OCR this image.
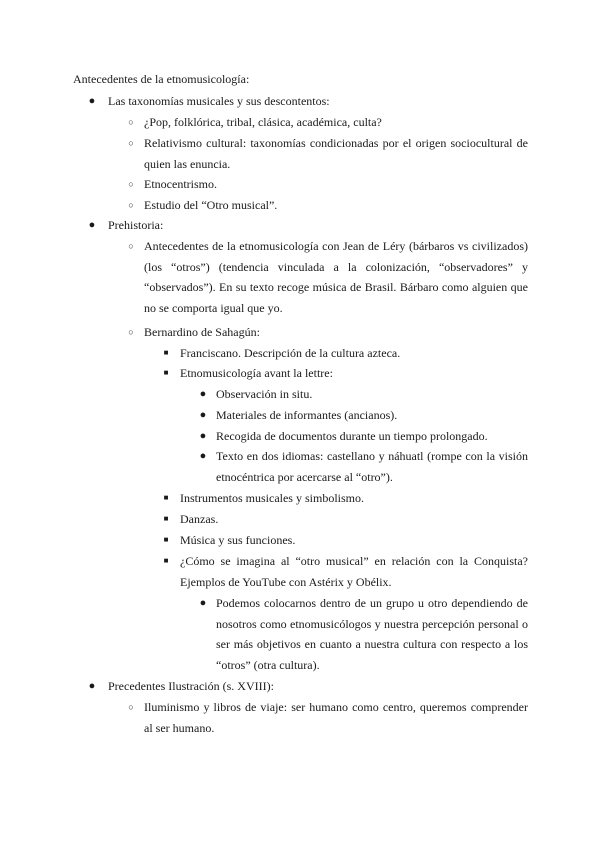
Antecedentes de la etnomusicología:
● Las taxonomías musicales y sus descontentos:
○ ¿Pop, folklórica, tribal, clásica, académica, culta?
○ Relativismo cultural: taxonomías condicionadas por el origen sociocultural de quien las enuncia.
○ Etnocentrismo.
○ Estudio del “Otro musical”.
● Prehistoria:
○ Antecedentes de la etnomusicología con Jean de Léry (bárbaros vs civilizados) (los “otros”) (tendencia vinculada a la colonización, “observadores” y “observados”). En su texto recoge música de Brasil. Bárbaro como alguien que no se comporta igual que yo.
○ Bernardino de Sahagún:
■ Franciscano. Descripción de la cultura azteca.
■ Etnomusicología avant la lettre:
● Observación in situ.
● Materiales de informantes (ancianos).
● Recogida de documentos durante un tiempo prolongado.
● Texto en dos idiomas: castellano y náhuatl (rompe con la visión etnocéntrica por acercarse al “otro”).
■ Instrumentos musicales y simbolismo.
■ Danzas.
■ Música y sus funciones.
■ ¿Cómo se imagina al “otro musical” en relación con la Conquista? Ejemplos de YouTube con Astérix y Obélix.
● Podemos colocarnos dentro de un grupo u otro dependiendo de nosotros como etnomusicólogos y nuestra percepción personal o ser más objetivos en cuanto a nuestra cultura con respecto a los “otros” (otra cultura).
● Precedentes Ilustración (s. XVIII):
○ Iluminismo y libros de viaje: ser humano como centro, queremos comprender al ser humano.
